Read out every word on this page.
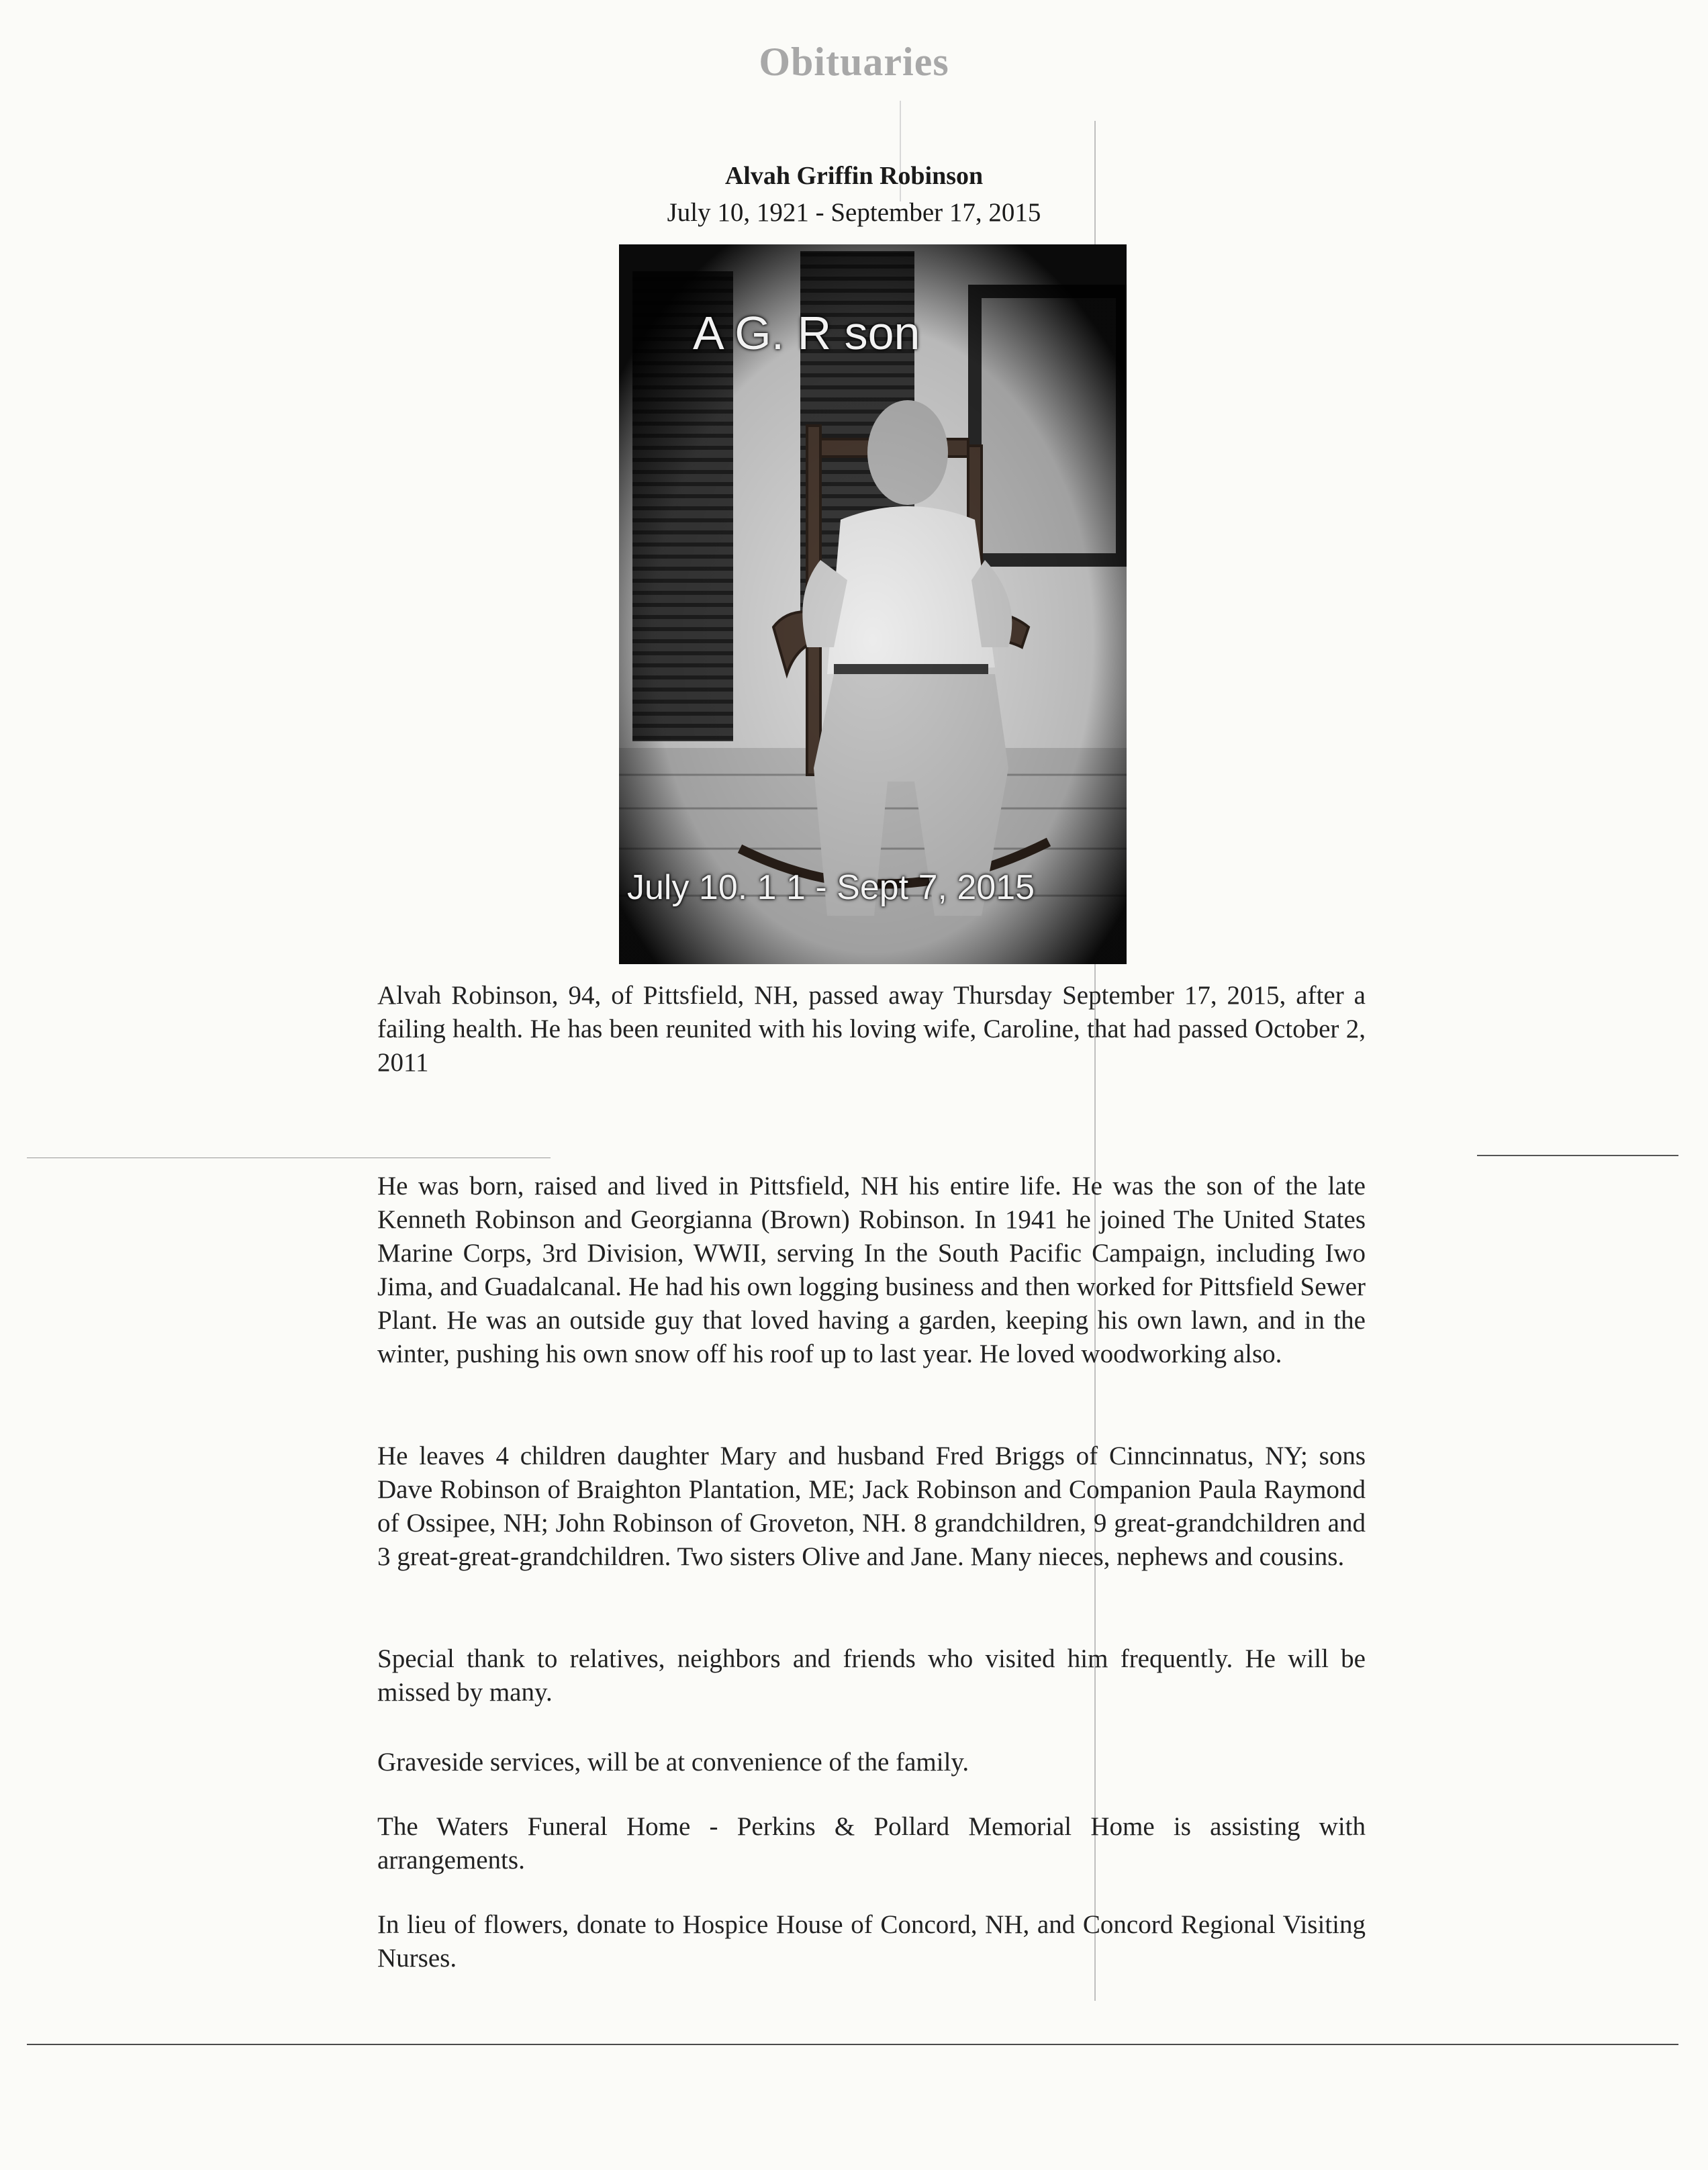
Obituaries
Alvah Griffin Robinson
July 10, 1921 - September 17, 2015
A G. R son
July 10. 1 1 - Sept 7, 2015
Alvah Robinson, 94, of Pittsfield, NH, passed away Thursday September 17, 2015, after a failing health. He has been reunited with his loving wife, Caroline, that had passed October 2, 2011
He was born, raised and lived in Pittsfield, NH his entire life. He was the son of the late Kenneth Robinson and Georgianna (Brown) Robinson. In 1941 he joined The United States Marine Corps, 3rd Division, WWII, serving In the South Pacific Campaign, including Iwo Jima, and Guadalcanal. He had his own logging business and then worked for Pittsfield Sewer Plant. He was an outside guy that loved having a garden, keeping his own lawn, and in the winter, pushing his own snow off his roof up to last year. He loved woodworking also.
He leaves 4 children daughter Mary and husband Fred Briggs of Cinncinnatus, NY; sons Dave Robinson of Braighton Plantation, ME; Jack Robinson and Companion Paula Raymond of Ossipee, NH; John Robinson of Groveton, NH. 8 grandchildren, 9 great-grandchildren and 3 great-great-grandchildren. Two sisters Olive and Jane. Many nieces, nephews and cousins.
Special thank to relatives, neighbors and friends who visited him frequently. He will be missed by many.
Graveside services, will be at convenience of the family.
The Waters Funeral Home - Perkins & Pollard Memorial Home is assisting with arrangements.
In lieu of flowers, donate to Hospice House of Concord, NH, and Concord Regional Visiting Nurses.
